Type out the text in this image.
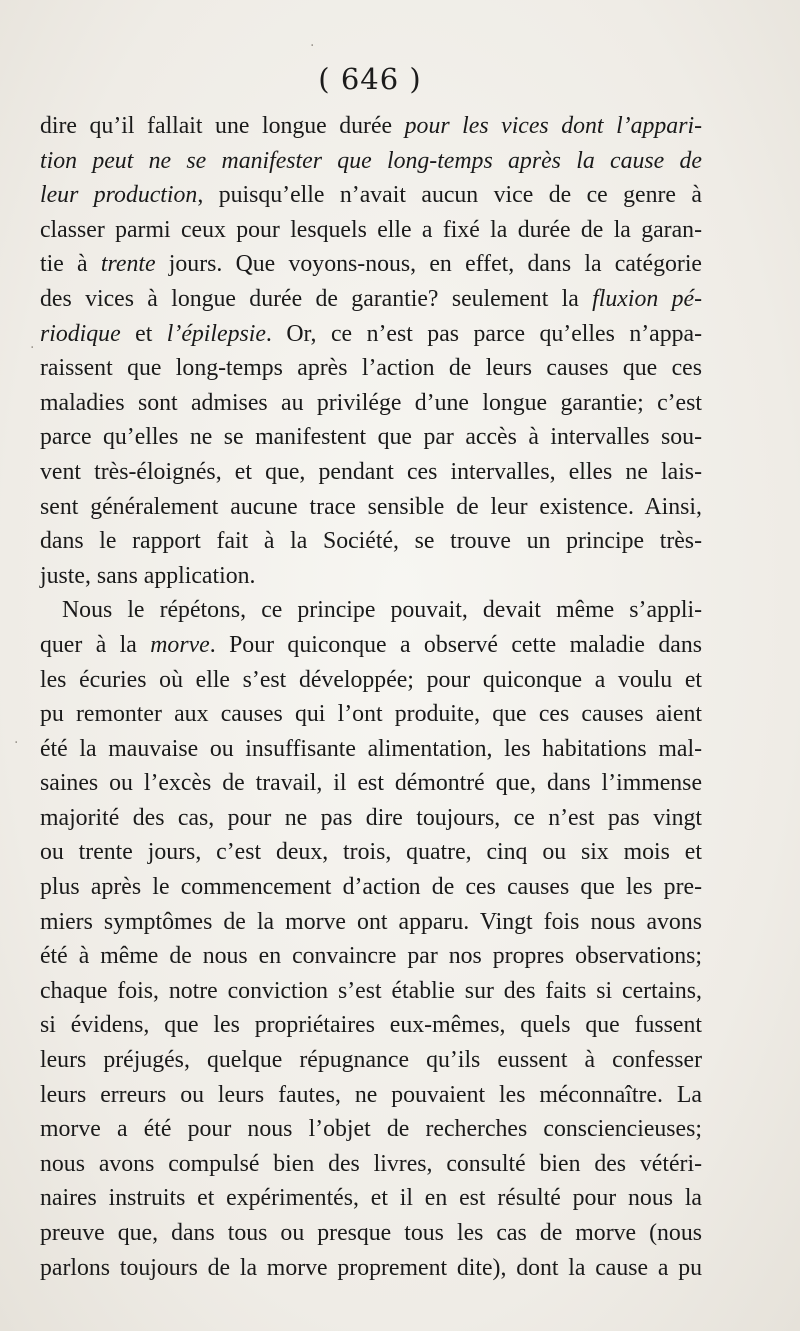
( 646 )
dire qu’il fallait une longue durée pour les vices dont l’appari-
tion peut ne se manifester que long-temps après la cause de
leur production, puisqu’elle n’avait aucun vice de ce genre à
classer parmi ceux pour lesquels elle a fixé la durée de la garan-
tie à trente jours. Que voyons-nous, en effet, dans la catégorie
des vices à longue durée de garantie? seulement la fluxion pé-
riodique et l’épilepsie. Or, ce n’est pas parce qu’elles n’appa-
raissent que long-temps après l’action de leurs causes que ces
maladies sont admises au privilége d’une longue garantie; c’est
parce qu’elles ne se manifestent que par accès à intervalles sou-
vent très-éloignés, et que, pendant ces intervalles, elles ne lais-
sent généralement aucune trace sensible de leur existence. Ainsi,
dans le rapport fait à la Société, se trouve un principe très-
juste, sans application.
Nous le répétons, ce principe pouvait, devait même s’appli-
quer à la morve. Pour quiconque a observé cette maladie dans
les écuries où elle s’est développée; pour quiconque a voulu et
pu remonter aux causes qui l’ont produite, que ces causes aient
été la mauvaise ou insuffisante alimentation, les habitations mal-
saines ou l’excès de travail, il est démontré que, dans l’immense
majorité des cas, pour ne pas dire toujours, ce n’est pas vingt
ou trente jours, c’est deux, trois, quatre, cinq ou six mois et
plus après le commencement d’action de ces causes que les pre-
miers symptômes de la morve ont apparu. Vingt fois nous avons
été à même de nous en convaincre par nos propres observations;
chaque fois, notre conviction s’est établie sur des faits si certains,
si évidens, que les propriétaires eux-mêmes, quels que fussent
leurs préjugés, quelque répugnance qu’ils eussent à confesser
leurs erreurs ou leurs fautes, ne pouvaient les méconnaître. La
morve a été pour nous l’objet de recherches consciencieuses;
nous avons compulsé bien des livres, consulté bien des vétéri-
naires instruits et expérimentés, et il en est résulté pour nous la
preuve que, dans tous ou presque tous les cas de morve (nous
parlons toujours de la morve proprement dite), dont la cause a pu
·
·
·
